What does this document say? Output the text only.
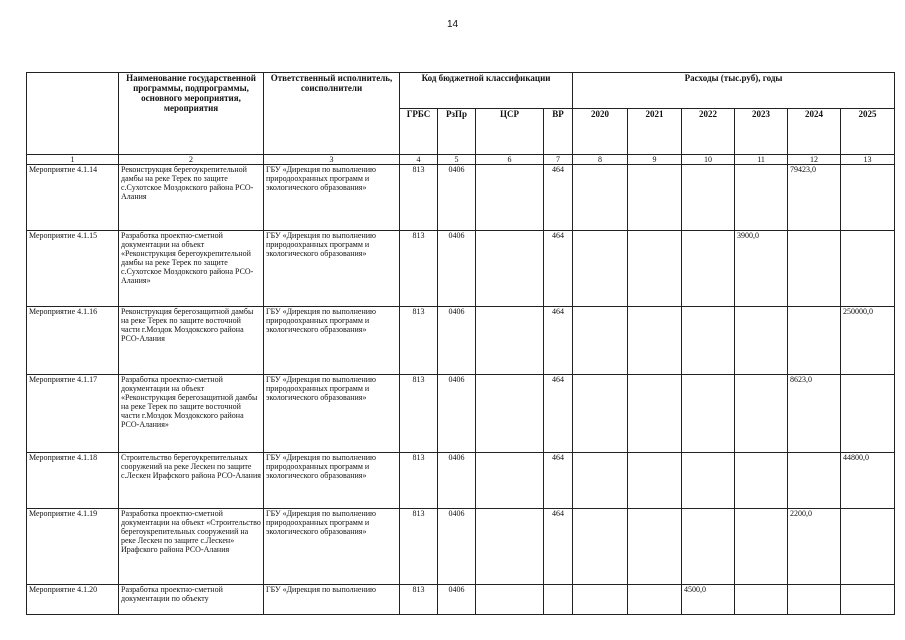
14
	Наименование государственной программы, подпрограммы, основного мероприятия, мероприятия	Ответственный исполнитель, соисполнители	Код бюджетной классификации				Расходы (тыс.руб), годы					
			ГРБС	РзПр	ЦСР	ВР	2020	2021	2022	2023	2024	2025
1	2	3	4	5	6	7	8	9	10	11	12	13
Мероприятие 4.1.14	Реконструкция берегоукрепительной дамбы на реке Терек по защите с.Сухотское Моздокского района РСО-Алания	ГБУ «Дирекция по выполнению природоохранных программ и экологического образования»	813	0406		464					79423,0	
Мероприятие 4.1.15	Разработка проектно-сметной документации на объект «Реконструкция берегоукрепительной дамбы на реке Терек по защите с.Сухотское Моздокского района РСО-Алания»	ГБУ «Дирекция по выполнению природоохранных программ и экологического образования»	813	0406		464				3900,0		
Мероприятие 4.1.16	Реконструкция берегозащитной дамбы на реке Терек по защите восточной части г.Моздок Моздокского района РСО-Алания	ГБУ «Дирекция по выполнению природоохранных программ и экологического образования»	813	0406		464						250000,0
Мероприятие 4.1.17	Разработка проектно-сметной документации на объект «Реконструкция берегозащитной дамбы на реке Терек по защите восточной части г.Моздок Моздокского района РСО-Алания»	ГБУ «Дирекция по выполнению природоохранных программ и экологического образования»	813	0406		464					8623,0	
Мероприятие 4.1.18	Строительство берегоукрепительных сооружений на реке Лескен по защите с.Лескен Ирафского района РСО-Алания	ГБУ «Дирекция по выполнению природоохранных программ и экологического образования»	813	0406		464						44800,0
Мероприятие 4.1.19	Разработка проектно-сметной документации на объект «Строительство берегоукрепительных сооружений на реке Лескен по защите с.Лескен» Ирафского района РСО-Алания	ГБУ «Дирекция по выполнению природоохранных программ и экологического образования»	813	0406		464					2200,0	
Мероприятие 4.1.20	Разработка проектно-сметной документации по объекту	ГБУ «Дирекция по выполнению	813	0406					4500,0			
